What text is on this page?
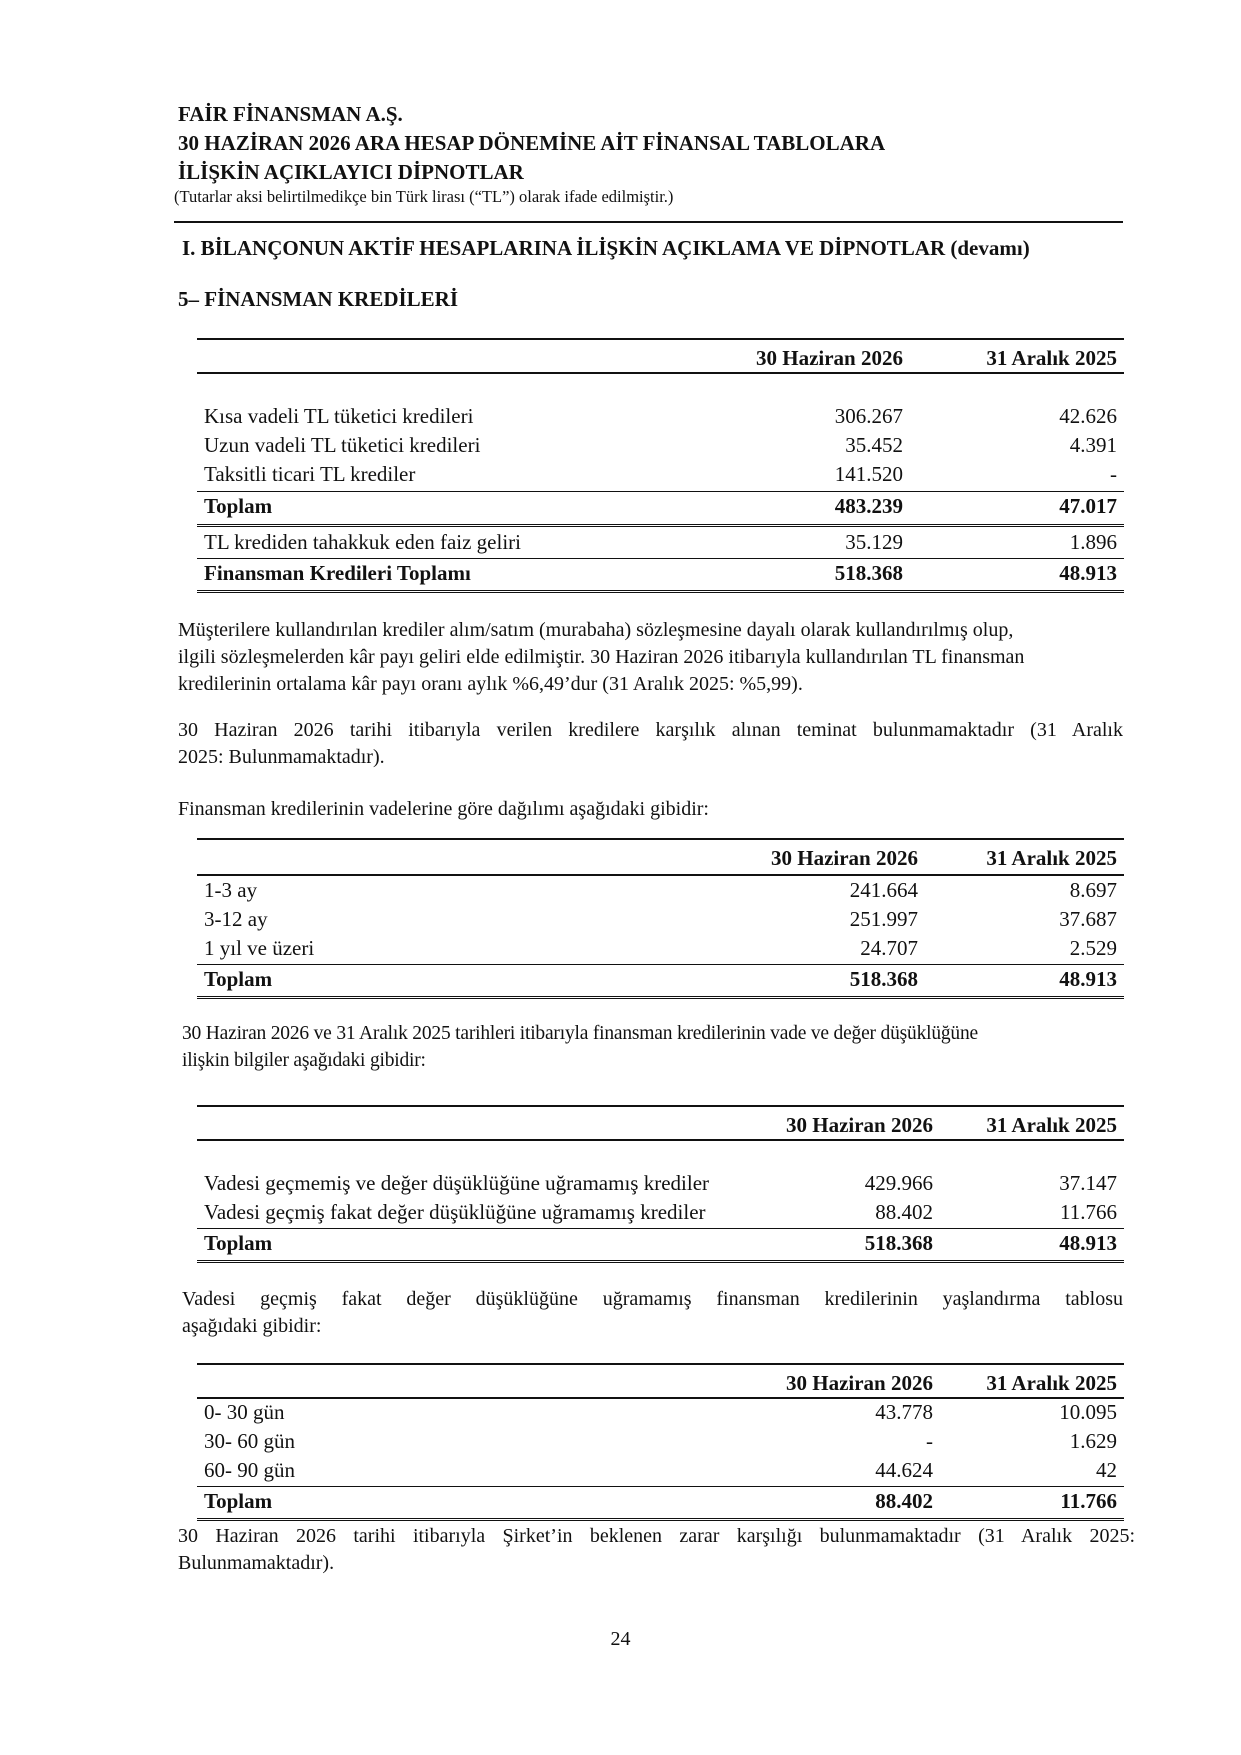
FAİR FİNANSMAN A.Ş.
30 HAZİRAN 2026 ARA HESAP DÖNEMİNE AİT FİNANSAL TABLOLARA
İLİŞKİN AÇIKLAYICI DİPNOTLAR
(Tutarlar aksi belirtilmedikçe bin Türk lirası (“TL”) olarak ifade edilmiştir.)
I. BİLANÇONUN AKTİF HESAPLARINA İLİŞKİN AÇIKLAMA VE DİPNOTLAR (devamı)
5– FİNANSMAN KREDİLERİ
30 Haziran 2026	31 Aralık 2025
Kısa vadeli TL tüketici kredileri	306.267	42.626
Uzun vadeli TL tüketici kredileri	35.452	4.391
Taksitli ticari TL krediler	141.520	-
Toplam	483.239	47.017
TL krediden tahakkuk eden faiz geliri	35.129	1.896
Finansman Kredileri Toplamı	518.368	48.913
Müşterilere kullandırılan krediler alım/satım (murabaha) sözleşmesine dayalı olarak kullandırılmış olup,
ilgili sözleşmelerden kâr payı geliri elde edilmiştir. 30 Haziran 2026 itibarıyla kullandırılan TL finansman
kredilerinin ortalama kâr payı oranı aylık %6,49’dur (31 Aralık 2025: %5,99).
30 Haziran 2026 tarihi itibarıyla verilen kredilere karşılık alınan teminat bulunmamaktadır (31 Aralık
2025: Bulunmamaktadır).
Finansman kredilerinin vadelerine göre dağılımı aşağıdaki gibidir:
30 Haziran 2026	31 Aralık 2025
1-3 ay	241.664	8.697
3-12 ay	251.997	37.687
1 yıl ve üzeri	24.707	2.529
Toplam	518.368	48.913
30 Haziran 2026 ve 31 Aralık 2025 tarihleri itibarıyla finansman kredilerinin vade ve değer düşüklüğüne
ilişkin bilgiler aşağıdaki gibidir:
30 Haziran 2026	31 Aralık 2025
Vadesi geçmemiş ve değer düşüklüğüne uğramamış krediler	429.966	37.147
Vadesi geçmiş fakat değer düşüklüğüne uğramamış krediler	88.402	11.766
Toplam	518.368	48.913
Vadesi geçmiş fakat değer düşüklüğüne uğramamış finansman kredilerinin yaşlandırma tablosu
aşağıdaki gibidir:
30 Haziran 2026	31 Aralık 2025
0- 30 gün	43.778	10.095
30- 60 gün	-	1.629
60- 90 gün	44.624	42
Toplam	88.402	11.766
30 Haziran 2026 tarihi itibarıyla Şirket’in beklenen zarar karşılığı bulunmamaktadır (31 Aralık 2025:
Bulunmamaktadır).
24
